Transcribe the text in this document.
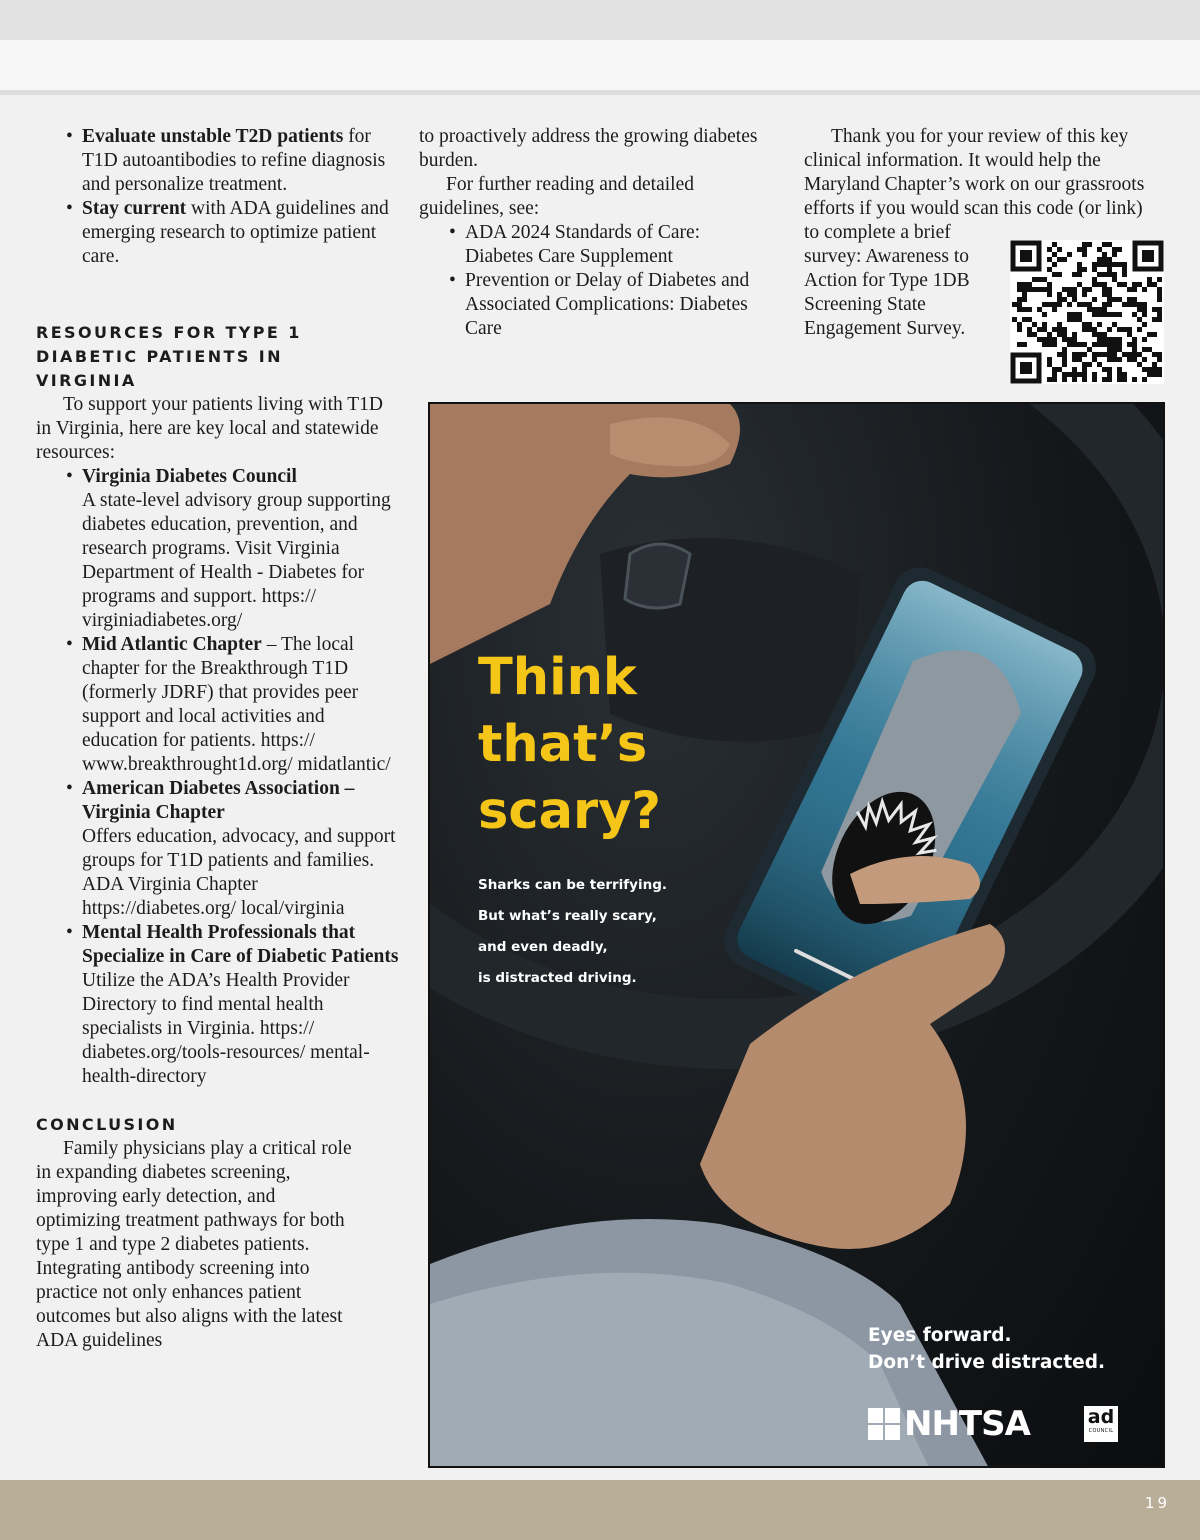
• Evaluate unstable T2D patients for T1D autoantibodies to refine diagnosis and personalize treatment.
• Stay current with ADA guidelines and emerging research to optimize patient care.
RESOURCES FOR TYPE 1 DIABETIC PATIENTS IN VIRGINIA

To support your patients living with T1D in Virginia, here are key local and statewide resources:

• Virginia Diabetes Council
A state-level advisory group supporting diabetes education, prevention, and research programs. Visit Virginia Department of Health - Diabetes for programs and support. https:// virginiadiabetes.org/
• Mid Atlantic Chapter – The local chapter for the Breakthrough T1D (formerly JDRF) that provides peer support and local activities and education for patients. https:// www.breakthrought1d.org/ midatlantic/
• American Diabetes Association – Virginia Chapter
Offers education, advocacy, and support groups for T1D patients and families. ADA Virginia Chapter https://diabetes.org/ local/virginia
• Mental Health Professionals that Specialize in Care of Diabetic Patients
Utilize the ADA’s Health Provider Directory to find mental health specialists in Virginia. https:// diabetes.org/tools-resources/ mental-health-directory
CONCLUSION

Family physicians play a critical role in expanding diabetes screening, improving early detection, and optimizing treatment pathways for both type 1 and type 2 diabetes patients. Integrating antibody screening into practice not only enhances patient outcomes but also aligns with the latest ADA guidelines

to proactively address the growing diabetes burden.

For further reading and detailed guidelines, see:

• ADA 2024 Standards of Care: Diabetes Care Supplement
• Prevention or Delay of Diabetes and Associated Complications: Diabetes Care

Thank you for your review of this key clinical information. It would help the Maryland Chapter’s work on our grassroots efforts if you would scan this code (or link)

to complete a brief survey: Awareness to Action for Type 1DB Screening State Engagement Survey.

Think
that’s
scary?
Sharks can be terrifying.
But what’s really scary,
and even deadly,
is distracted driving.
Eyes forward.
Don’t drive distracted.
NHTSA	ad
COUNCIL
19
